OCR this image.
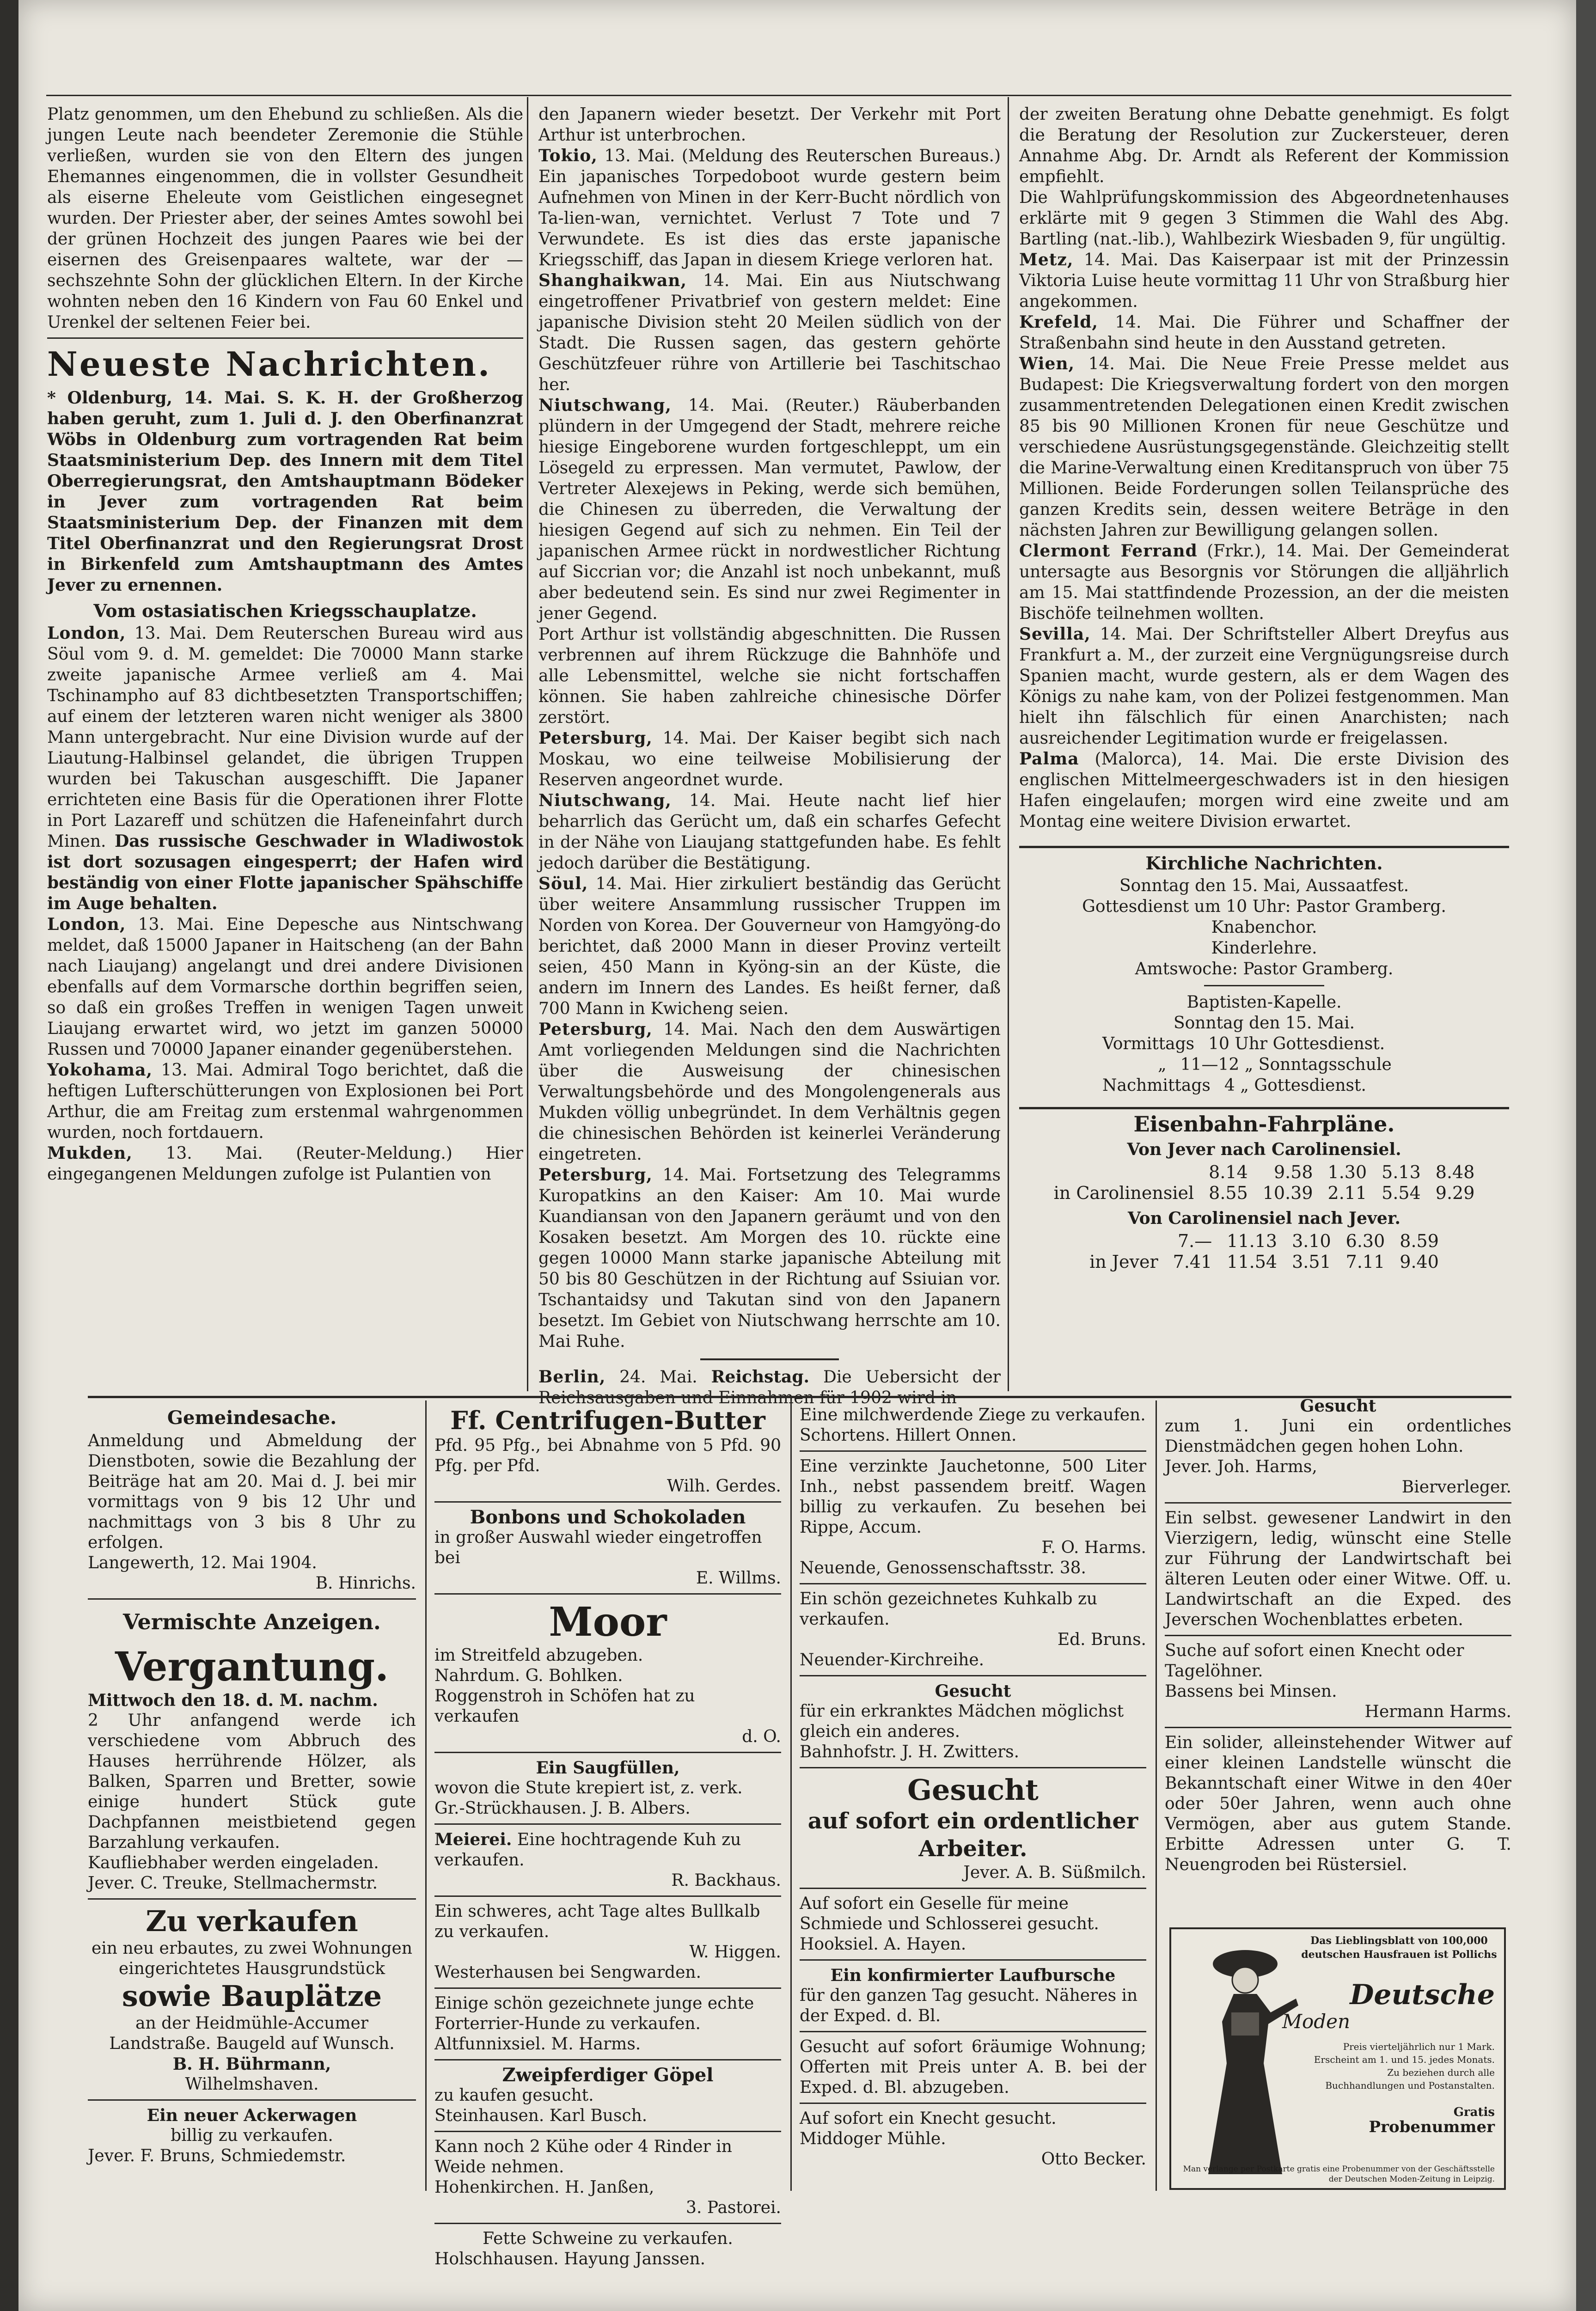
Platz genommen, um den Ehebund zu schließen. Als die jungen Leute nach beendeter Zeremonie die Stühle verließen, wurden sie von den Eltern des jungen Ehemannes eingenommen, die in vollster Gesundheit als eiserne Eheleute vom Geistlichen eingesegnet wurden. Der Priester aber, der seines Amtes sowohl bei der grünen Hochzeit des jungen Paares wie bei der eisernen des Greisenpaares waltete, war der — sechszehnte Sohn der glücklichen Eltern. In der Kirche wohnten neben den 16 Kindern von Fau 60 Enkel und Urenkel der seltenen Feier bei.

Neueste Nachrichten.

* Oldenburg, 14. Mai. S. K. H. der Großherzog haben geruht, zum 1. Juli d. J. den Oberfinanzrat Wöbs in Oldenburg zum vortragenden Rat beim Staatsministerium Dep. des Innern mit dem Titel Oberregierungsrat, den Amtshauptmann Bödeker in Jever zum vortragenden Rat beim Staatsministerium Dep. der Finanzen mit dem Titel Oberfinanzrat und den Regierungsrat Drost in Birkenfeld zum Amtshauptmann des Amtes Jever zu ernennen.

Vom ostasiatischen Kriegsschauplatze.

London, 13. Mai. Dem Reuterschen Bureau wird aus Söul vom 9. d. M. gemeldet: Die 70000 Mann starke zweite japanische Armee verließ am 4. Mai Tschinampho auf 83 dichtbesetzten Transportschiffen; auf einem der letzteren waren nicht weniger als 3800 Mann untergebracht. Nur eine Division wurde auf der Liautung-Halbinsel gelandet, die übrigen Truppen wurden bei Takuschan ausgeschifft. Die Japaner errichteten eine Basis für die Operationen ihrer Flotte in Port Lazareff und schützen die Hafeneinfahrt durch Minen. Das russische Geschwader in Wladiwostok ist dort sozusagen eingesperrt; der Hafen wird beständig von einer Flotte japanischer Spähschiffe im Auge behalten.

London, 13. Mai. Eine Depesche aus Nintschwang meldet, daß 15000 Japaner in Haitscheng (an der Bahn nach Liaujang) angelangt und drei andere Divisionen ebenfalls auf dem Vormarsche dorthin begriffen seien, so daß ein großes Treffen in wenigen Tagen unweit Liaujang erwartet wird, wo jetzt im ganzen 50000 Russen und 70000 Japaner einander gegenüberstehen.

Yokohama, 13. Mai. Admiral Togo berichtet, daß die heftigen Lufterschütterungen von Explosionen bei Port Arthur, die am Freitag zum erstenmal wahrgenommen wurden, noch fortdauern.

Mukden, 13. Mai. (Reuter-Meldung.) Hier eingegangenen Meldungen zufolge ist Pulantien von

den Japanern wieder besetzt. Der Verkehr mit Port Arthur ist unterbrochen.

Tokio, 13. Mai. (Meldung des Reuterschen Bureaus.) Ein japanisches Torpedoboot wurde gestern beim Aufnehmen von Minen in der Kerr-Bucht nördlich von Ta-lien-wan, vernichtet. Verlust 7 Tote und 7 Verwundete. Es ist dies das erste japanische Kriegsschiff, das Japan in diesem Kriege verloren hat.

Shanghaikwan, 14. Mai. Ein aus Niutschwang eingetroffener Privatbrief von gestern meldet: Eine japanische Division steht 20 Meilen südlich von der Stadt. Die Russen sagen, das gestern gehörte Geschützfeuer rühre von Artillerie bei Taschitschao her.

Niutschwang, 14. Mai. (Reuter.) Räuberbanden plündern in der Umgegend der Stadt, mehrere reiche hiesige Eingeborene wurden fortgeschleppt, um ein Lösegeld zu erpressen. Man vermutet, Pawlow, der Vertreter Alexejews in Peking, werde sich bemühen, die Chinesen zu überreden, die Verwaltung der hiesigen Gegend auf sich zu nehmen. Ein Teil der japanischen Armee rückt in nordwestlicher Richtung auf Siccrian vor; die Anzahl ist noch unbekannt, muß aber bedeutend sein. Es sind nur zwei Regimenter in jener Gegend.

Port Arthur ist vollständig abgeschnitten. Die Russen verbrennen auf ihrem Rückzuge die Bahnhöfe und alle Lebensmittel, welche sie nicht fortschaffen können. Sie haben zahlreiche chinesische Dörfer zerstört.

Petersburg, 14. Mai. Der Kaiser begibt sich nach Moskau, wo eine teilweise Mobilisierung der Reserven angeordnet wurde.

Niutschwang, 14. Mai. Heute nacht lief hier beharrlich das Gerücht um, daß ein scharfes Gefecht in der Nähe von Liaujang stattgefunden habe. Es fehlt jedoch darüber die Bestätigung.

Söul, 14. Mai. Hier zirkuliert beständig das Gerücht über weitere Ansammlung russischer Truppen im Norden von Korea. Der Gouverneur von Hamgyöng-do berichtet, daß 2000 Mann in dieser Provinz verteilt seien, 450 Mann in Kyöng-sin an der Küste, die andern im Innern des Landes. Es heißt ferner, daß 700 Mann in Kwicheng seien.

Petersburg, 14. Mai. Nach den dem Auswärtigen Amt vorliegenden Meldungen sind die Nachrichten über die Ausweisung der chinesischen Verwaltungsbehörde und des Mongolengenerals aus Mukden völlig unbegründet. In dem Verhältnis gegen die chinesischen Behörden ist keinerlei Veränderung eingetreten.

Petersburg, 14. Mai. Fortsetzung des Telegramms Kuropatkins an den Kaiser: Am 10. Mai wurde Kuandiansan von den Japanern geräumt und von den Kosaken besetzt. Am Morgen des 10. rückte eine gegen 10000 Mann starke japanische Abteilung mit 50 bis 80 Geschützen in der Richtung auf Ssiuian vor. Tschantaidsy und Takutan sind von den Japanern besetzt. Im Gebiet von Niutschwang herrschte am 10. Mai Ruhe.

Berlin, 24. Mai. Reichstag. Die Uebersicht der

der zweiten Beratung ohne Debatte genehmigt. Es folgt die Beratung der Resolution zur Zuckersteuer, deren Annahme Abg. Dr. Arndt als Referent der Kommission empfiehlt.

Die Wahlprüfungskommission des Abgeordnetenhauses erklärte mit 9 gegen 3 Stimmen die Wahl des Abg. Bartling (nat.-lib.), Wahlbezirk Wiesbaden 9, für ungültig.

Metz, 14. Mai. Das Kaiserpaar ist mit der Prinzessin Viktoria Luise heute vormittag 11 Uhr von Straßburg hier angekommen.

Krefeld, 14. Mai. Die Führer und Schaffner der Straßenbahn sind heute in den Ausstand getreten.

Wien, 14. Mai. Die Neue Freie Presse meldet aus Budapest: Die Kriegsverwaltung fordert von den morgen zusammentretenden Delegationen einen Kredit zwischen 85 bis 90 Millionen Kronen für neue Geschütze und verschiedene Ausrüstungsgegenstände. Gleichzeitig stellt die Marine-Verwaltung einen Kreditanspruch von über 75 Millionen. Beide Forderungen sollen Teilansprüche des ganzen Kredits sein, dessen weitere Beträge in den nächsten Jahren zur Bewilligung gelangen sollen.

Clermont Ferrand (Frkr.), 14. Mai. Der Gemeinderat untersagte aus Besorgnis vor Störungen die alljährlich am 15. Mai stattfindende Prozession, an der die meisten Bischöfe teilnehmen wollten.

Sevilla, 14. Mai. Der Schriftsteller Albert Dreyfus aus Frankfurt a. M., der zurzeit eine Vergnügungsreise durch Spanien macht, wurde gestern, als er dem Wagen des Königs zu nahe kam, von der Polizei festgenommen. Man hielt ihn fälschlich für einen Anarchisten; nach ausreichender Legitimation wurde er freigelassen.

Palma (Malorca), 14. Mai. Die erste Division des englischen Mittelmeergeschwaders ist in den hiesigen Hafen eingelaufen; morgen wird eine zweite und am Montag eine weitere Division erwartet.

Kirchliche Nachrichten.
Sonntag den 15. Mai, Aussaatfest.
Gottesdienst um 10 Uhr: Pastor Gramberg.
Knabenchor.
Kinderlehre.
Amtswoche: Pastor Gramberg.
Baptisten-Kapelle.
Sonntag den 15. Mai.
Vormittags 10 Uhr Gottesdienst.
„ 11—12 „ Sonntagsschule
Nachmittags 4 „ Gottesdienst.
Eisenbahn-Fahrpläne.
Von Jever nach Carolinensiel.
	8.14	9.58	1.30	5.13	8.48
in Carolinensiel	8.55	10.39	2.11	5.54	9.29
Von Carolinensiel nach Jever.
	7.—	11.13	3.10	6.30	8.59
in Jever	7.41	11.54	3.51	7.11	9.40
Gemeindesache.

Anmeldung und Abmeldung der Dienstboten, sowie die Bezahlung der Beiträge hat am 20. Mai d. J. bei mir vormittags von 9 bis 12 Uhr und nachmittags von 3 bis 8 Uhr zu erfolgen.

Langewerth, 12. Mai 1904.

B. Hinrichs.

Vermischte Anzeigen.
Vergantung.

Mittwoch den 18. d. M. nachm.

2 Uhr anfangend werde ich verschiedene vom Abbruch des Hauses herrührende Hölzer, als Balken, Sparren und Bretter, sowie einige hundert Stück gute Dachpfannen meistbietend gegen Barzahlung verkaufen.

Kaufliebhaber werden eingeladen.

Jever. C. Treuke, Stellmachermstr.

Zu verkaufen

ein neu erbautes, zu zwei Wohnungen eingerichtetes Hausgrundstück

sowie Bauplätze

an der Heidmühle-Accumer Landstraße. Baugeld auf Wunsch.

B. H. Bührmann,

Wilhelmshaven.

Ein neuer Ackerwagen

billig zu verkaufen.

Jever. F. Bruns, Schmiedemstr.

Ff. Centrifugen-Butter

Pfd. 95 Pfg., bei Abnahme von 5 Pfd. 90 Pfg. per Pfd.

Wilh. Gerdes.

Bonbons und Schokoladen

in großer Auswahl wieder eingetroffen bei

E. Willms.

Moor

im Streitfeld abzugeben.

Nahrdum. G. Bohlken.

Roggenstroh in Schöfen hat zu verkaufen

d. O.

Ein Saugfüllen,

wovon die Stute krepiert ist, z. verk.

Gr.-Strückhausen. J. B. Albers.

Meierei. Eine hochtragende Kuh zu verkaufen.

R. Backhaus.

Ein schweres, acht Tage altes Bullkalb zu verkaufen.

W. Higgen.

Westerhausen bei Sengwarden.

Einige schön gezeichnete junge echte Forterrier-Hunde zu verkaufen.

Altfunnixsiel. M. Harms.

Zweipferdiger Göpel

zu kaufen gesucht.

Steinhausen. Karl Busch.

Kann noch 2 Kühe oder 4 Rinder in Weide nehmen.

Hohenkirchen. H. Janßen,

3. Pastorei.

Fette Schweine zu verkaufen.

Holschhausen. Hayung Janssen.

Eine milchwerdende Ziege zu verkaufen.

Schortens. Hillert Onnen.

Eine verzinkte Jauchetonne, 500 Liter Inh., nebst passendem breitf. Wagen billig zu verkaufen. Zu besehen bei Rippe, Accum.

F. O. Harms.

Neuende, Genossenschaftsstr. 38.

Ein schön gezeichnetes Kuhkalb zu verkaufen.

Ed. Bruns.

Neuender-Kirchreihe.

Gesucht

für ein erkranktes Mädchen möglichst gleich ein anderes.

Bahnhofstr. J. H. Zwitters.

Gesucht

auf sofort ein ordentlicher Arbeiter.

Jever. A. B. Süßmilch.

Auf sofort ein Geselle für meine Schmiede und Schlosserei gesucht.

Hooksiel. A. Hayen.

Ein konfirmierter Laufbursche

für den ganzen Tag gesucht. Näheres in der Exped. d. Bl.

Gesucht auf sofort 6räumige Wohnung; Offerten mit Preis unter A. B. bei der Exped. d. Bl. abzugeben.

Auf sofort ein Knecht gesucht.

Middoger Mühle.

Otto Becker.

Gesucht

zum 1. Juni ein ordentliches Dienstmädchen gegen hohen Lohn.

Jever. Joh. Harms,

Bierverleger.

Ein selbst. gewesener Landwirt in den Vierzigern, ledig, wünscht eine Stelle zur Führung der Landwirtschaft bei älteren Leuten oder einer Witwe. Off. u. Landwirtschaft an die Exped. des Jeverschen Wochenblattes erbeten.

Suche auf sofort einen Knecht oder Tagelöhner.

Bassens bei Minsen.

Hermann Harms.

Ein solider, alleinstehender Witwer auf einer kleinen Landstelle wünscht die Bekanntschaft einer Witwe in den 40er oder 50er Jahren, wenn auch ohne Vermögen, aber aus gutem Stande. Erbitte Adressen unter G. T. Neuengroden bei Rüstersiel.

Das Lieblingsblatt von 100,000 deutschen Hausfrauen ist Pollichs
Deutsche
Moden
Preis vierteljährlich nur 1 Mark.
Erscheint am 1. und 15. jedes Monats.
Zu beziehen durch alle Buchhandlungen und Postanstalten.
Gratis
Probenummer
Man verlange per Postkarte gratis eine Probenummer von der Geschäftsstelle der Deutschen Moden-Zeitung in Leipzig.
